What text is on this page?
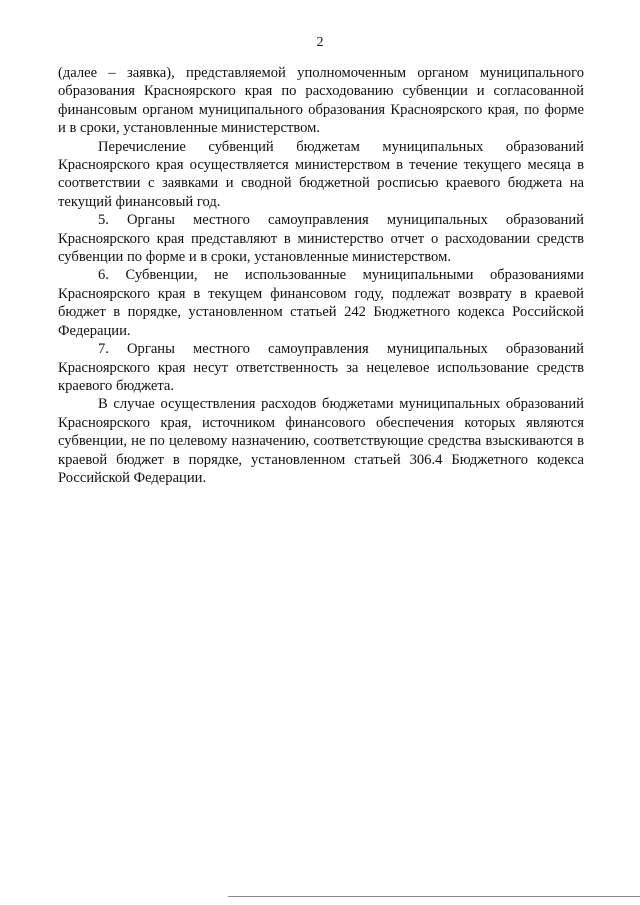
2

(далее – заявка), представляемой уполномоченным органом муниципального образования Красноярского края по расходованию субвенции и согласованной финансовым органом муниципального образования Красноярского края, по форме и в сроки, установленные министерством.

Перечисление субвенций бюджетам муниципальных образований Красноярского края осуществляется министерством в течение текущего месяца в соответствии с заявками и сводной бюджетной росписью краевого бюджета на текущий финансовый год.

5. Органы местного самоуправления муниципальных образований Красноярского края представляют в министерство отчет о расходовании средств субвенции по форме и в сроки, установленные министерством.

6. Субвенции, не использованные муниципальными образованиями Красноярского края в текущем финансовом году, подлежат возврату в краевой бюджет в порядке, установленном статьей 242 Бюджетного кодекса Российской Федерации.

7. Органы местного самоуправления муниципальных образований Красноярского края несут ответственность за нецелевое использование средств краевого бюджета.

В случае осуществления расходов бюджетами муниципальных образований Красноярского края, источником финансового обеспечения которых являются субвенции, не по целевому назначению, соответствующие средства взыскиваются в краевой бюджет в порядке, установленном статьей 306.4 Бюджетного кодекса Российской Федерации.
